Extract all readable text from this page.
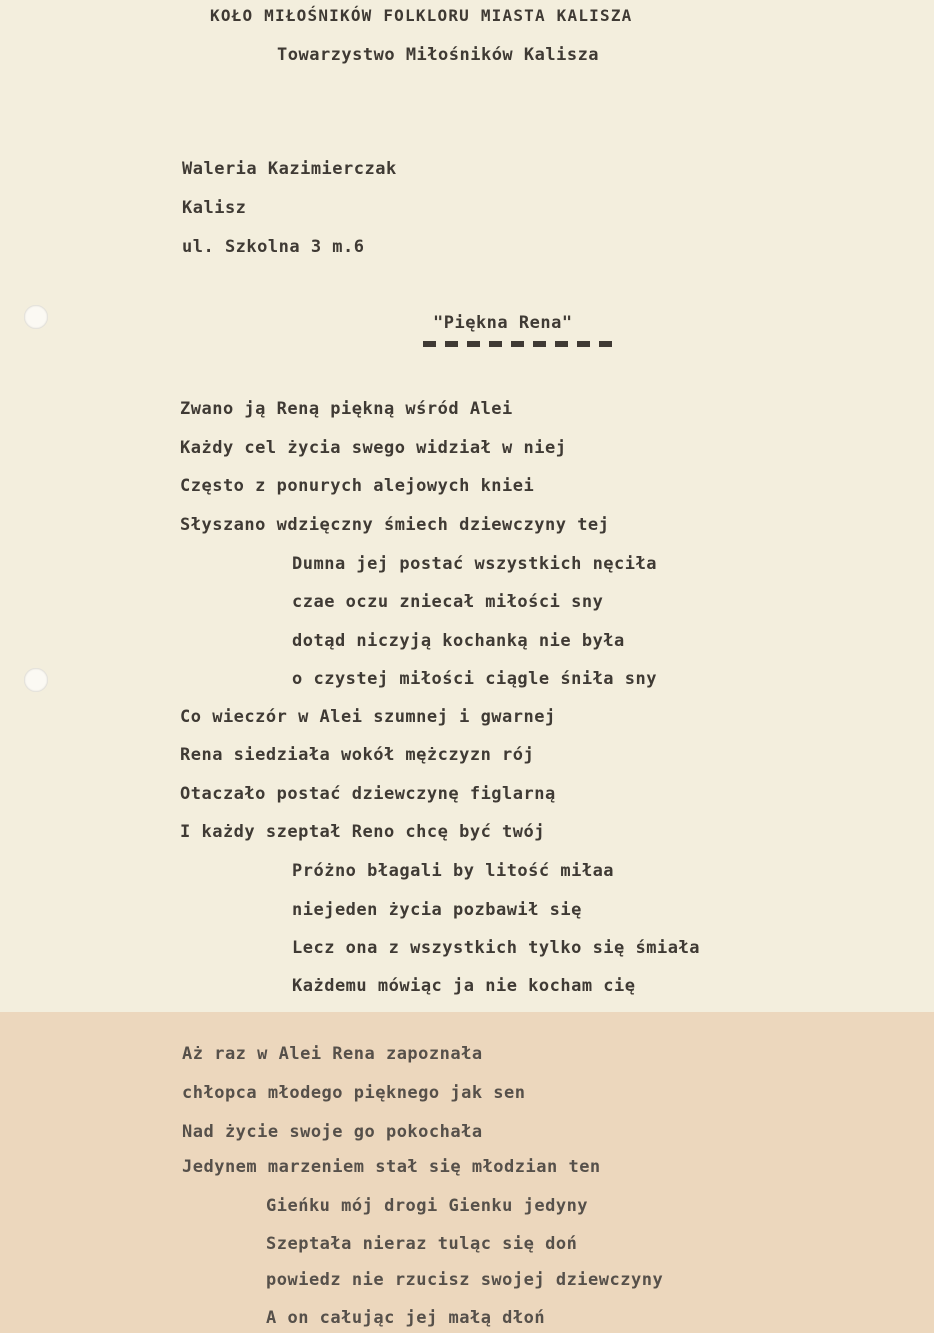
KOŁO MIŁOŚNIKÓW FOLKLORU MIASTA KALISZA
Towarzystwo Miłośników Kalisza
Waleria Kazimierczak
Kalisz
ul. Szkolna 3 m.6
"Piękna Rena"
Zwano ją Reną piękną wśród Alei
Każdy cel życia swego widział w niej
Często z ponurych alejowych kniei
Słyszano wdzięczny śmiech dziewczyny tej
Dumna jej postać wszystkich nęciła
czae oczu zniecał miłości sny
dotąd niczyją kochanką nie była
o czystej miłości ciągle śniła sny
Co wieczór w Alei szumnej i gwarnej
Rena siedziała wokół mężczyzn rój
Otaczało postać dziewczynę figlarną
I każdy szeptał Reno chcę być twój
Próżno błagali by litość miłaa
niejeden życia pozbawił się
Lecz ona z wszystkich tylko się śmiała
Każdemu mówiąc ja nie kocham cię
Aż raz w Alei Rena zapoznała
chłopca młodego pięknego jak sen
Nad życie swoje go pokochała
Jedynem marzeniem stał się młodzian ten
Gieńku mój drogi Gienku jedyny
Szeptała nieraz tuląc się doń
powiedz nie rzucisz swojej dziewczyny
A on całując jej małą dłoń
